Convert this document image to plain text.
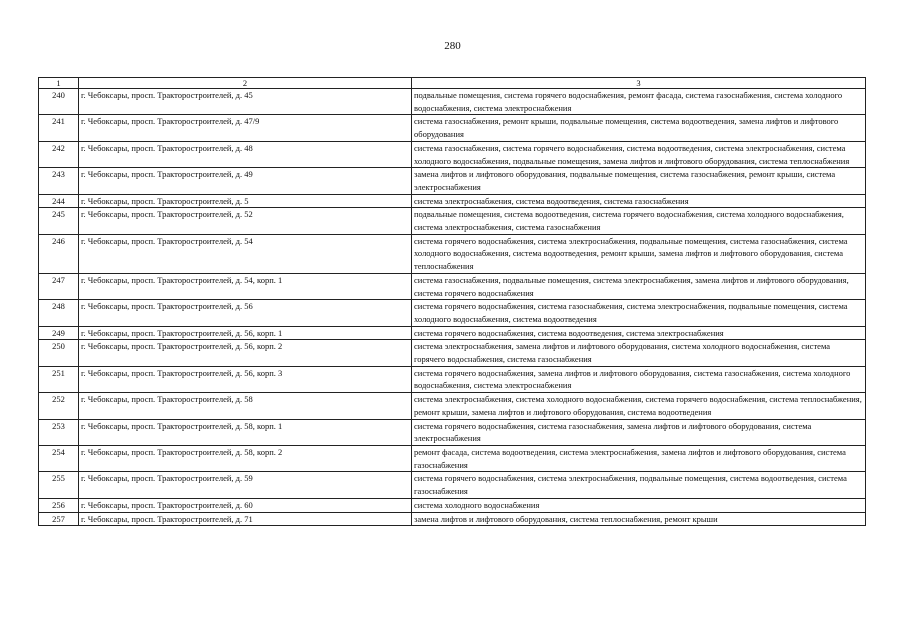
280
1	2	3
240	г. Чебоксары, просп. Тракторостроителей, д. 45	подвальные помещения, система горячего водоснабжения, ремонт фасада, система газоснабжения, система холодного водоснабжения, система электроснабжения
241	г. Чебоксары, просп. Тракторостроителей, д. 47/9	система газоснабжения, ремонт крыши, подвальные помещения, система водоотведения, замена лифтов и лифтового оборудования
242	г. Чебоксары, просп. Тракторостроителей, д. 48	система газоснабжения, система горячего водоснабжения, система водоотведения, система электроснабжения, система холодного водоснабжения, подвальные помещения, замена лифтов и лифтового оборудования, система теплоснабжения
243	г. Чебоксары, просп. Тракторостроителей, д. 49	замена лифтов и лифтового оборудования, подвальные помещения, система газоснабжения, ремонт крыши, система электроснабжения
244	г. Чебоксары, просп. Тракторостроителей, д. 5	система электроснабжения, система водоотведения, система газоснабжения
245	г. Чебоксары, просп. Тракторостроителей, д. 52	подвальные помещения, система водоотведения, система горячего водоснабжения, система холодного водоснабжения, система электроснабжения, система газоснабжения
246	г. Чебоксары, просп. Тракторостроителей, д. 54	система горячего водоснабжения, система электроснабжения, подвальные помещения, система газоснабжения, система холодного водоснабжения, система водоотведения, ремонт крыши, замена лифтов и лифтового оборудования, система теплоснабжения
247	г. Чебоксары, просп. Тракторостроителей, д. 54, корп. 1	система газоснабжения, подвальные помещения, система электроснабжения, замена лифтов и лифтового оборудования, система горячего водоснабжения
248	г. Чебоксары, просп. Тракторостроителей, д. 56	система горячего водоснабжения, система газоснабжения, система электроснабжения, подвальные помещения, система холодного водоснабжения, система водоотведения
249	г. Чебоксары, просп. Тракторостроителей, д. 56, корп. 1	система горячего водоснабжения, система водоотведения, система электроснабжения
250	г. Чебоксары, просп. Тракторостроителей, д. 56, корп. 2	система электроснабжения, замена лифтов и лифтового оборудования, система холодного водоснабжения, система горячего водоснабжения, система газоснабжения
251	г. Чебоксары, просп. Тракторостроителей, д. 56, корп. 3	система горячего водоснабжения, замена лифтов и лифтового оборудования, система газоснабжения, система холодного водоснабжения, система электроснабжения
252	г. Чебоксары, просп. Тракторостроителей, д. 58	система электроснабжения, система холодного водоснабжения, система горячего водоснабжения, система теплоснабжения, ремонт крыши, замена лифтов и лифтового оборудования, система водоотведения
253	г. Чебоксары, просп. Тракторостроителей, д. 58, корп. 1	система горячего водоснабжения, система газоснабжения, замена лифтов и лифтового оборудования, система электроснабжения
254	г. Чебоксары, просп. Тракторостроителей, д. 58, корп. 2	ремонт фасада, система водоотведения, система электроснабжения, замена лифтов и лифтового оборудования, система газоснабжения
255	г. Чебоксары, просп. Тракторостроителей, д. 59	система горячего водоснабжения, система электроснабжения, подвальные помещения, система водоотведения, система газоснабжения
256	г. Чебоксары, просп. Тракторостроителей, д. 60	система холодного водоснабжения
257	г. Чебоксары, просп. Тракторостроителей, д. 71	замена лифтов и лифтового оборудования, система теплоснабжения, ремонт крыши
